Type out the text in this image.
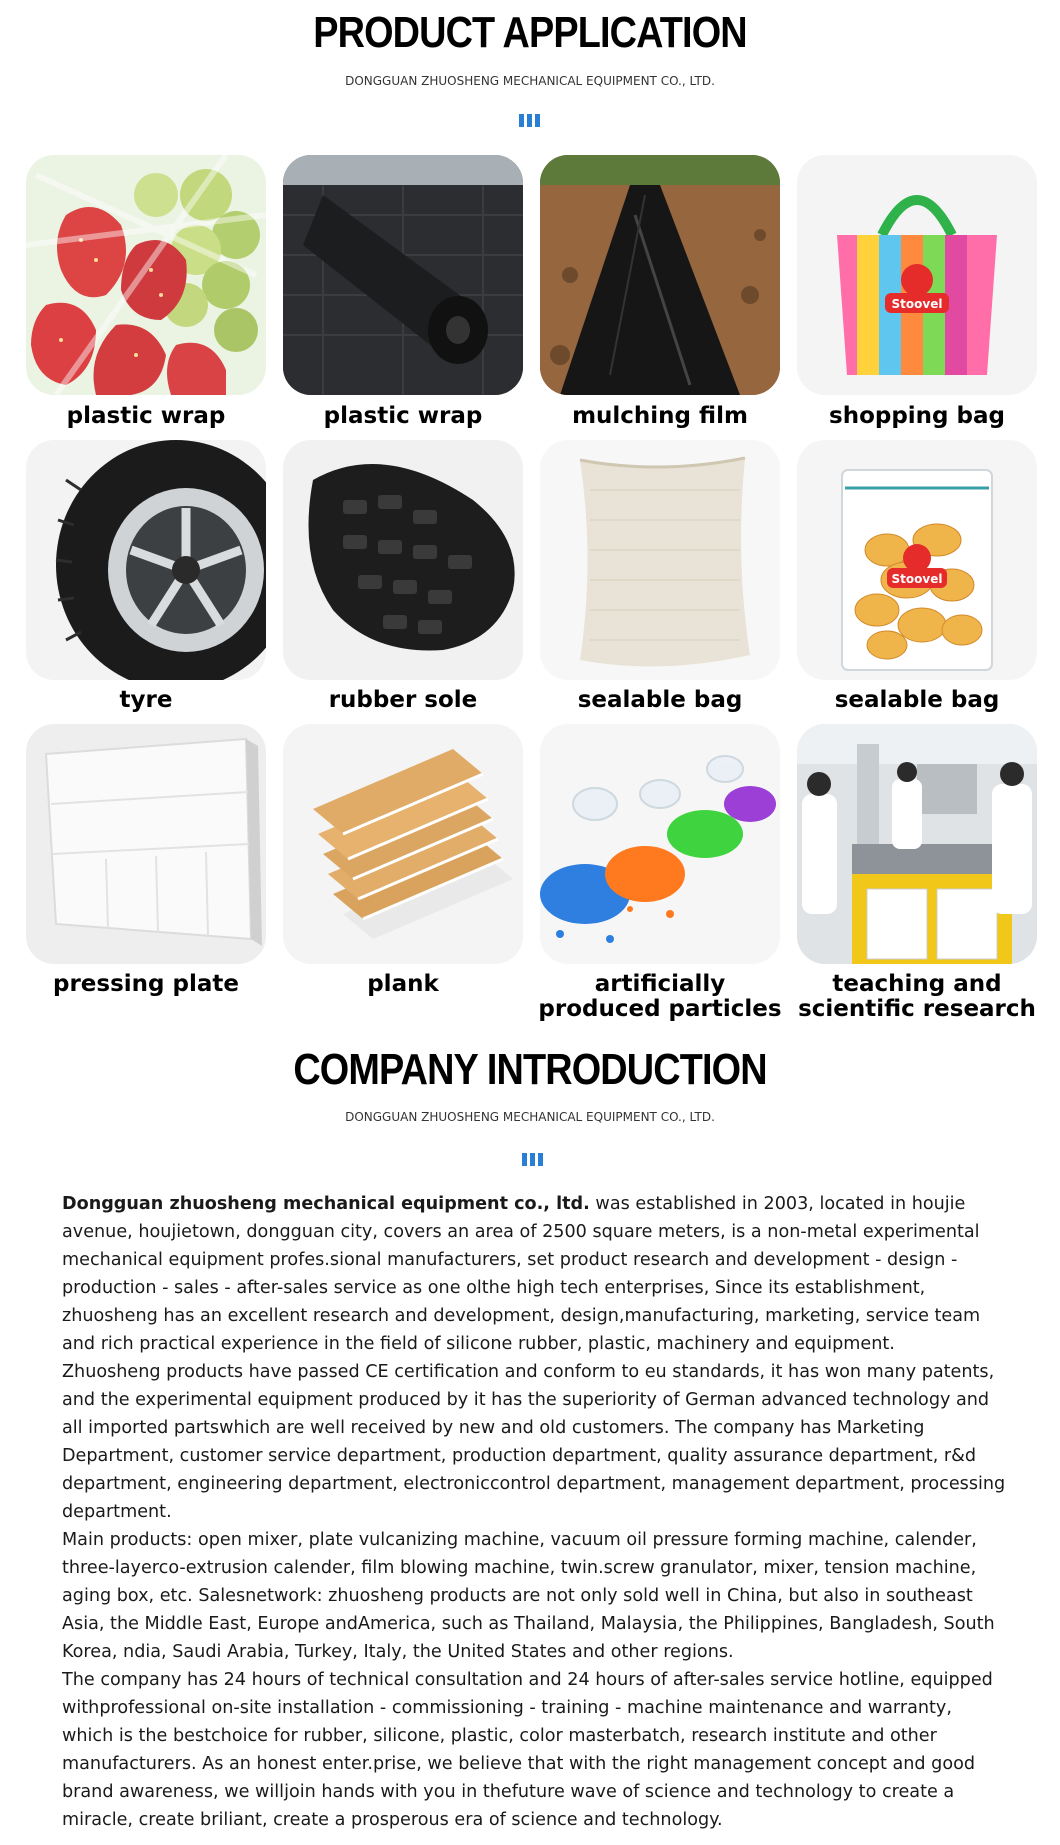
PRODUCT APPLICATION
DONGGUAN ZHUOSHENG MECHANICAL EQUIPMENT CO., LTD.
Stoovel
plastic wrap	plastic wrap	mulching film	shopping bag
Stoovel
tyre	rubber sole	sealable bag	sealable bag
pressing plate	plank	artificially produced particles
teaching and scientific research
COMPANY INTRODUCTION
DONGGUAN ZHUOSHENG MECHANICAL EQUIPMENT CO., LTD.

Dongguan zhuosheng mechanical equipment co., ltd. was established in 2003, located in houjie avenue, houjietown, dongguan city, covers an area of 2500 square meters, is a non-metal experimental mechanical equipment profes.sional manufacturers, set product research and development - design - production - sales - after-sales service as one olthe high tech enterprises, Since its establishment, zhuosheng has an excellent research and development, design,manufacturing, marketing, service team and rich practical experience in the field of silicone rubber, plastic, machinery and equipment.

Zhuosheng products have passed CE certification and conform to eu standards, it has won many patents, and the experimental equipment produced by it has the superiority of German advanced technology and all imported partswhich are well received by new and old customers. The company has Marketing Department, customer service department, production department, quality assurance department, r&d department, engineering department, electroniccontrol department, management department, processing department.

Main products: open mixer, plate vulcanizing machine, vacuum oil pressure forming machine, calender, three-layerco-extrusion calender, film blowing machine, twin.screw granulator, mixer, tension machine, aging box, etc. Salesnetwork: zhuosheng products are not only sold well in China, but also in southeast Asia, the Middle East, Europe andAmerica, such as Thailand, Malaysia, the Philippines, Bangladesh, South Korea, ndia, Saudi Arabia, Turkey, Italy, the United States and other regions.

The company has 24 hours of technical consultation and 24 hours of after-sales service hotline, equipped withprofessional on-site installation - commissioning - training - machine maintenance and warranty, which is the bestchoice for rubber, silicone, plastic, color masterbatch, research institute and other manufacturers. As an honest enter.prise, we believe that with the right management concept and good brand awareness, we willjoin hands with you in thefuture wave of science and technology to create a miracle, create briliant, create a prosperous era of science and technology.
